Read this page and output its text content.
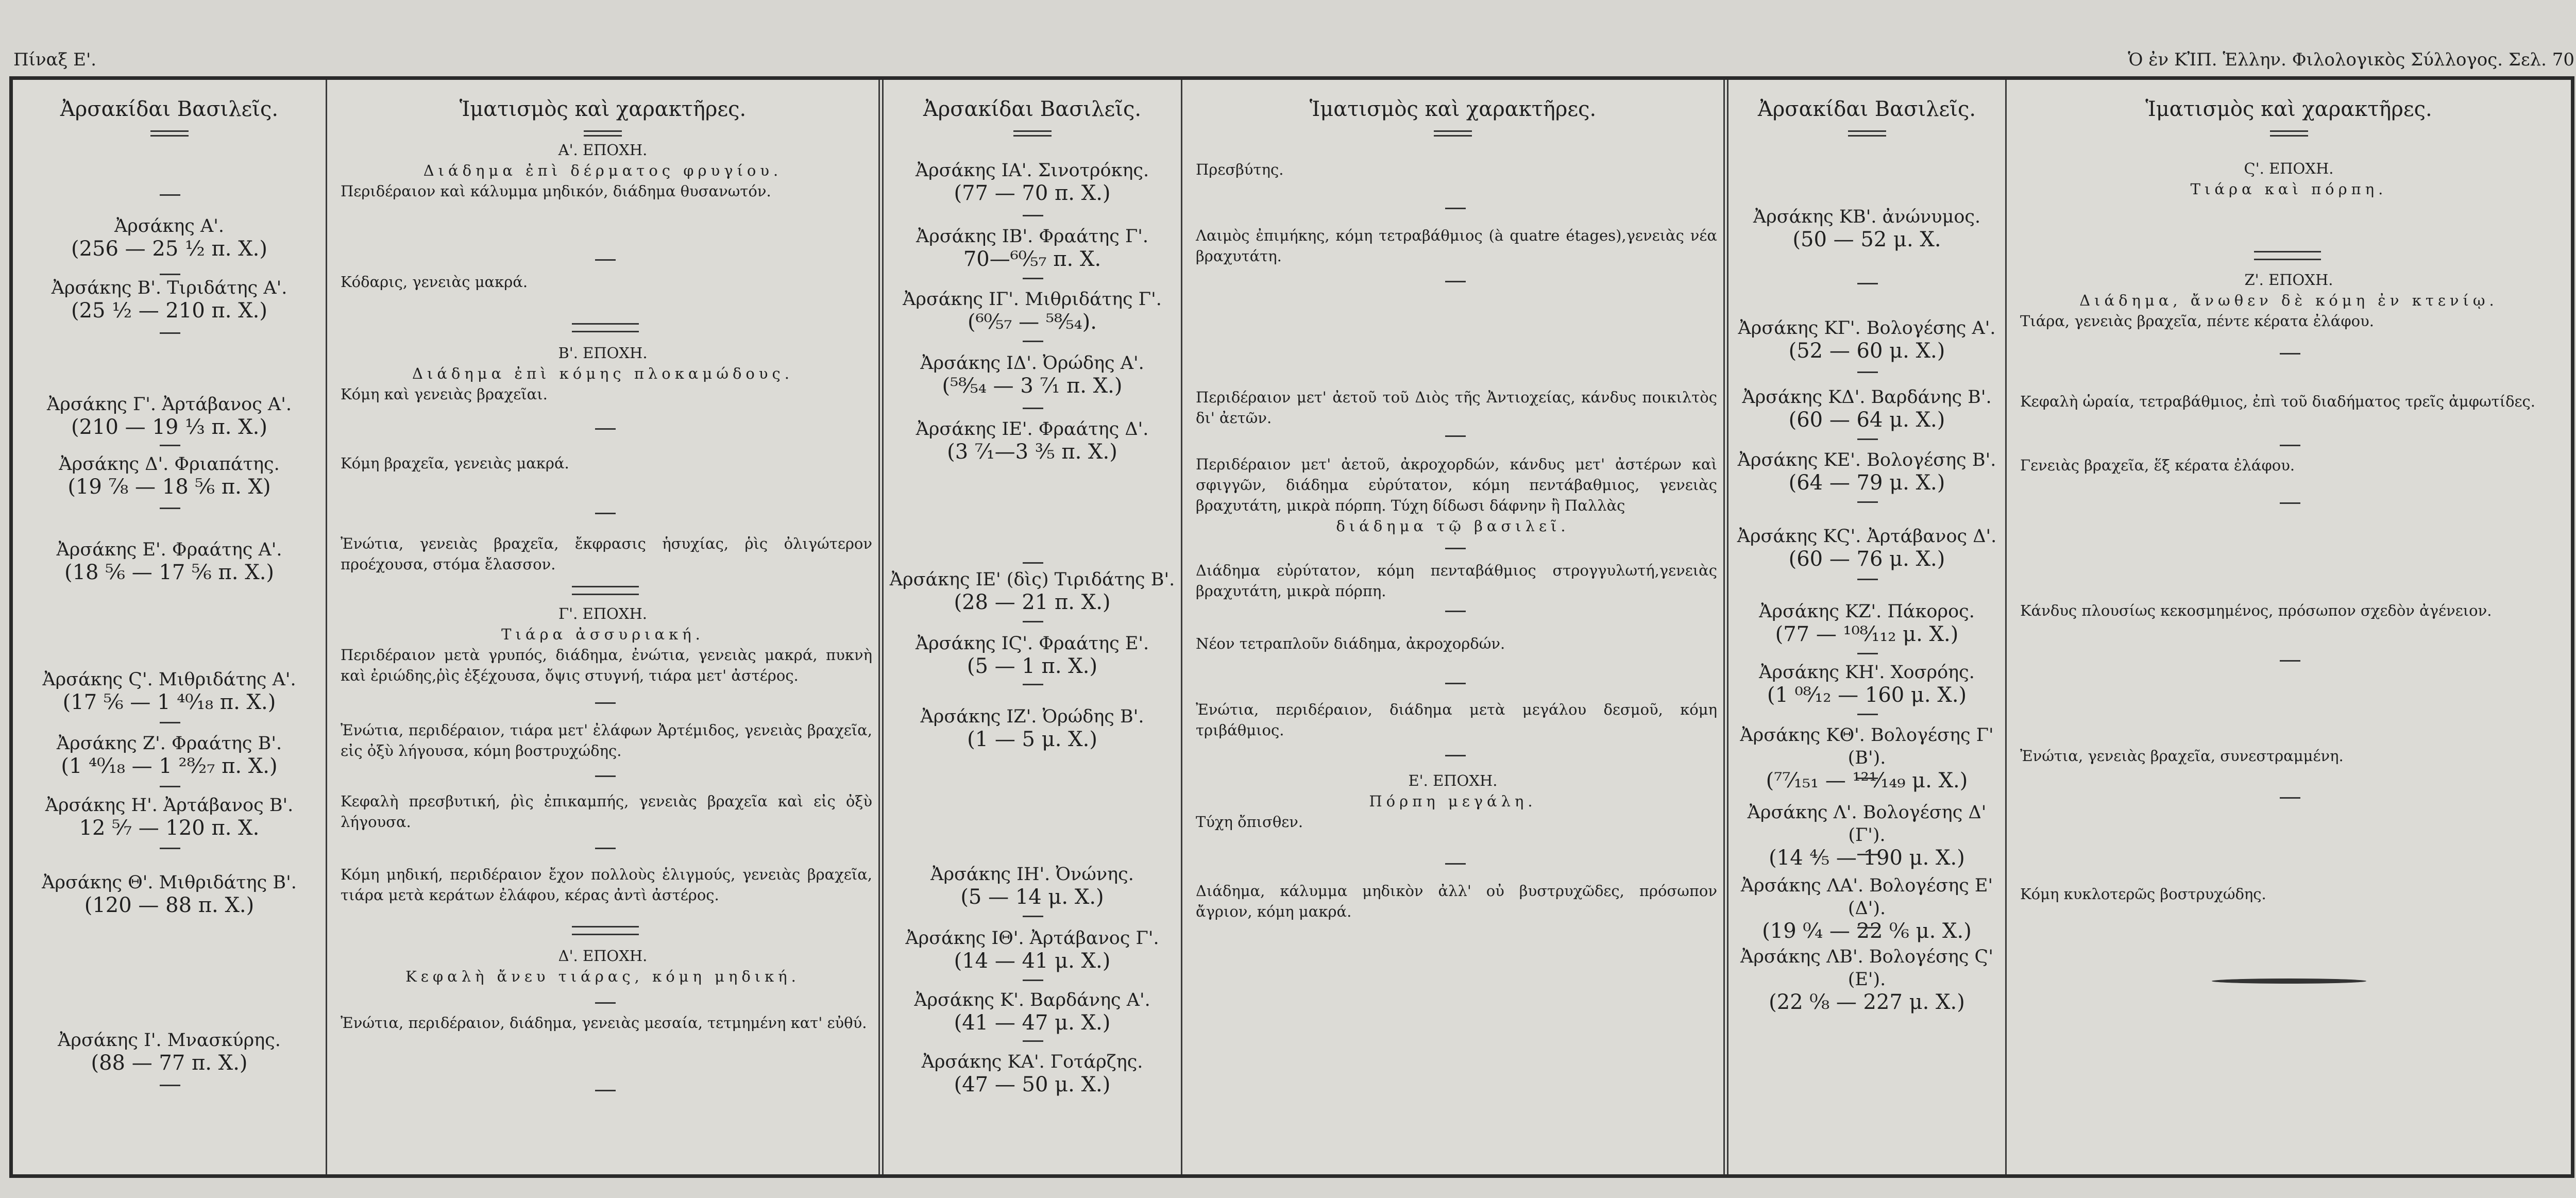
Πίναξ Ε'.	Ὁ ἐν ΚἸΠ. Ἑλλην. Φιλολογικὸς Σύλλογος. Σελ. 70
Ἀρσακίδαι Βασιλεῖς.
Ἀρσάκης Α'.
(256 — 25 ½ π. Χ.)
Ἀρσάκης Β'. Τιριδάτης Α'.
(25 ½ — 210 π. Χ.)
Ἀρσάκης Γ'. Ἀρτάβανος Α'.
(210 — 19 ⅓ π. Χ.)
Ἀρσάκης Δ'. Φριαπάτης.
(19 ⅞ — 18 ⅚ π. Χ)
Ἀρσάκης Ε'. Φραάτης Α'.
(18 ⅚ — 17 ⅚ π. Χ.)
Ἀρσάκης Ϛ'. Μιθριδάτης Α'.
(17 ⅚ — 1 ⁴⁰⁄₁₈ π. Χ.)
Ἀρσάκης Ζ'. Φραάτης Β'.
(1 ⁴⁰⁄₁₈ — 1 ²⁸⁄₂₇ π. Χ.)
Ἀρσάκης Η'. Ἀρτάβανος Β'.
12 ⁵⁄₇ — 120 π. Χ.
Ἀρσάκης Θ'. Μιθριδάτης Β'.
(120 — 88 π. Χ.)
Ἀρσάκης Ι'. Μνασκύρης.
(88 — 77 π. Χ.)
Ἱματισμὸς καὶ χαρακτῆρες.
Α'. ΕΠΟΧΗ.
Διάδημα ἐπὶ δέρματος φρυγίου.
Περιδέραιον καὶ κάλυμμα μηδικόν, διάδημα θυσανωτόν.
Κόδαρις, γενειὰς μακρά.
Β'. ΕΠΟΧΗ.
Διάδημα ἐπὶ κόμης πλοκαμώδους.
Κόμη καὶ γενειὰς βραχεῖαι.
Κόμη βραχεῖα, γενειὰς μακρά.
Ἐνώτια, γενειὰς βραχεῖα, ἔκφρασις ἡσυχίας, ῥὶς ὀλιγώτερον προέχουσα, στόμα ἔλασσον.
Γ'. ΕΠΟΧΗ.
Τιάρα ἀσσυριακή.
Περιδέραιον μετὰ γρυπός, διάδημα, ἐνώτια, γενειὰς μακρά, πυκνὴ καὶ ἐριώδης,ῥὶς ἐξέχουσα, ὄψις στυγνή, τιάρα μετ' ἀστέρος.
Ἐνώτια, περιδέραιον, τιάρα μετ' ἐλάφων Ἀρτέμιδος, γενειὰς βραχεῖα, εἰς ὀξὺ λήγουσα, κόμη βοστρυχώδης.
Κεφαλὴ πρεσβυτική, ῥὶς ἐπικαμπής, γενειὰς βραχεῖα καὶ εἰς ὀξὺ λήγουσα.
Κόμη μηδική, περιδέραιον ἔχον πολλοὺς ἑλιγμούς, γενειὰς βραχεῖα, τιάρα μετὰ κεράτων ἐλάφου, κέρας ἀντὶ ἀστέρος.
Δ'. ΕΠΟΧΗ.
Κεφαλὴ ἄνευ τιάρας, κόμη μηδική.
Ἐνώτια, περιδέραιον, διάδημα, γενειὰς μεσαία, τετμημένη κατ' εὐθύ.
Ἀρσακίδαι Βασιλεῖς.
Ἀρσάκης ΙΑ'. Σινοτρόκης.
(77 — 70 π. Χ.)
Ἀρσάκης ΙΒ'. Φραάτης Γ'.
70—⁶⁰⁄₅₇ π. Χ.
Ἀρσάκης ΙΓ'. Μιθριδάτης Γ'.
(⁶⁰⁄₅₇ — ⁵⁸⁄₅₄).
Ἀρσάκης ΙΔ'. Ὀρώδης Α'.
(⁵⁸⁄₅₄ — 3 ⁷⁄₁ π. Χ.)
Ἀρσάκης ΙΕ'. Φραάτης Δ'.
(3 ⁷⁄₁—3 ⅗ π. Χ.)
Ἀρσάκης ΙΕ' (δὶς) Τιριδάτης Β'.
(28 — 21 π. Χ.)
Ἀρσάκης ΙϚ'. Φραάτης Ε'.
(5 — 1 π. Χ.)
Ἀρσάκης ΙΖ'. Ὀρώδης Β'.
(1 — 5 μ. Χ.)
Ἀρσάκης ΙΗ'. Ὀνώνης.
(5 — 14 μ. Χ.)
Ἀρσάκης ΙΘ'. Ἀρτάβανος Γ'.
(14 — 41 μ. Χ.)
Ἀρσάκης Κ'. Βαρδάνης Α'.
(41 — 47 μ. Χ.)
Ἀρσάκης ΚΑ'. Γοτάρζης.
(47 — 50 μ. Χ.)
Ἱματισμὸς καὶ χαρακτῆρες.
Πρεσβύτης.
Λαιμὸς ἐπιμήκης, κόμη τετραβάθμιος (à quatre étages),γενειὰς νέα βραχυτάτη.
Περιδέραιον μετ' ἀετοῦ τοῦ Διὸς τῆς Ἀντιοχείας, κάνδυς ποικιλτὸς δι' ἀετῶν.
Περιδέραιον μετ' ἀετοῦ, ἀκροχορδών, κάνδυς μετ' ἀστέρων καὶ σφιγγῶν, διάδημα εὐρύτατον, κόμη πεντάβαθμιος, γενειὰς βραχυτάτη, μικρὰ πόρπη. Τύχη δίδωσι δάφνην ἢ Παλλὰς
διάδημα τῷ βασιλεῖ.
Διάδημα εὐρύτατον, κόμη πενταβάθμιος στρογγυλωτή,γενειὰς βραχυτάτη, μικρὰ πόρπη.
Νέον τετραπλοῦν διάδημα, ἀκροχορδών.
Ἐνώτια, περιδέραιον, διάδημα μετὰ μεγάλου δεσμοῦ, κόμη τριβάθμιος.
Ε'. ΕΠΟΧΗ.
Πόρπη μεγάλη.
Τύχη ὄπισθεν.
Διάδημα, κάλυμμα μηδικὸν ἀλλ' οὐ βυστρυχῶδες, πρόσωπον ἄγριον, κόμη μακρά.
Ἀρσακίδαι Βασιλεῖς.
Ἀρσάκης ΚΒ'. ἀνώνυμος.
(50 — 52 μ. Χ.
Ἀρσάκης ΚΓ'. Βολογέσης Α'.
(52 — 60 μ. Χ.)
Ἀρσάκης ΚΔ'. Βαρδάνης Β'.
(60 — 64 μ. Χ.)
Ἀρσάκης ΚΕ'. Βολογέσης Β'.
(64 — 79 μ. Χ.)
Ἀρσάκης ΚϚ'. Ἀρτάβανος Δ'.
(60 — 76 μ. Χ.)
Ἀρσάκης ΚΖ'. Πάκορος.
(77 — ¹⁰⁸⁄₁₁₂ μ. Χ.)
Ἀρσάκης ΚΗ'. Χοσρόης.
(1 ⁰⁸⁄₁₂ — 160 μ. Χ.)
Ἀρσάκης ΚΘ'. Βολογέσης Γ' (Β').
(⁷⁷⁄₁₅₁ — ¹²¹⁄₁₄₉ μ. Χ.)
Ἀρσάκης Λ'. Βολογέσης Δ' (Γ').
(14 ⅘ — 190 μ. Χ.)
Ἀρσάκης ΛΑ'. Βολογέσης Ε' (Δ').
(19 ⁰⁄₄ — 22 ⁰⁄₆ μ. Χ.)
Ἀρσάκης ΛΒ'. Βολογέσης Ϛ' (Ε').
(22 ⁰⁄₈ — 227 μ. Χ.)
Ἱματισμὸς καὶ χαρακτῆρες.
Ϛ'. ΕΠΟΧΗ.
Τιάρα καὶ πόρπη.
Ζ'. ΕΠΟΧΗ.
Διάδημα, ἄνωθεν δὲ κόμη ἐν κτενίῳ.
Τιάρα, γενειὰς βραχεῖα, πέντε κέρατα ἐλάφου.
Κεφαλὴ ὡραία, τετραβάθμιος, ἐπὶ τοῦ διαδήματος τρεῖς ἀμφωτίδες.
Γενειὰς βραχεῖα, ἕξ κέρατα ἐλάφου.
Κάνδυς πλουσίως κεκοσμημένος, πρόσωπον σχεδὸν ἀγένειον.
Ἐνώτια, γενειὰς βραχεῖα, συνεστραμμένη.
Κόμη κυκλοτερῶς βοστρυχώδης.
